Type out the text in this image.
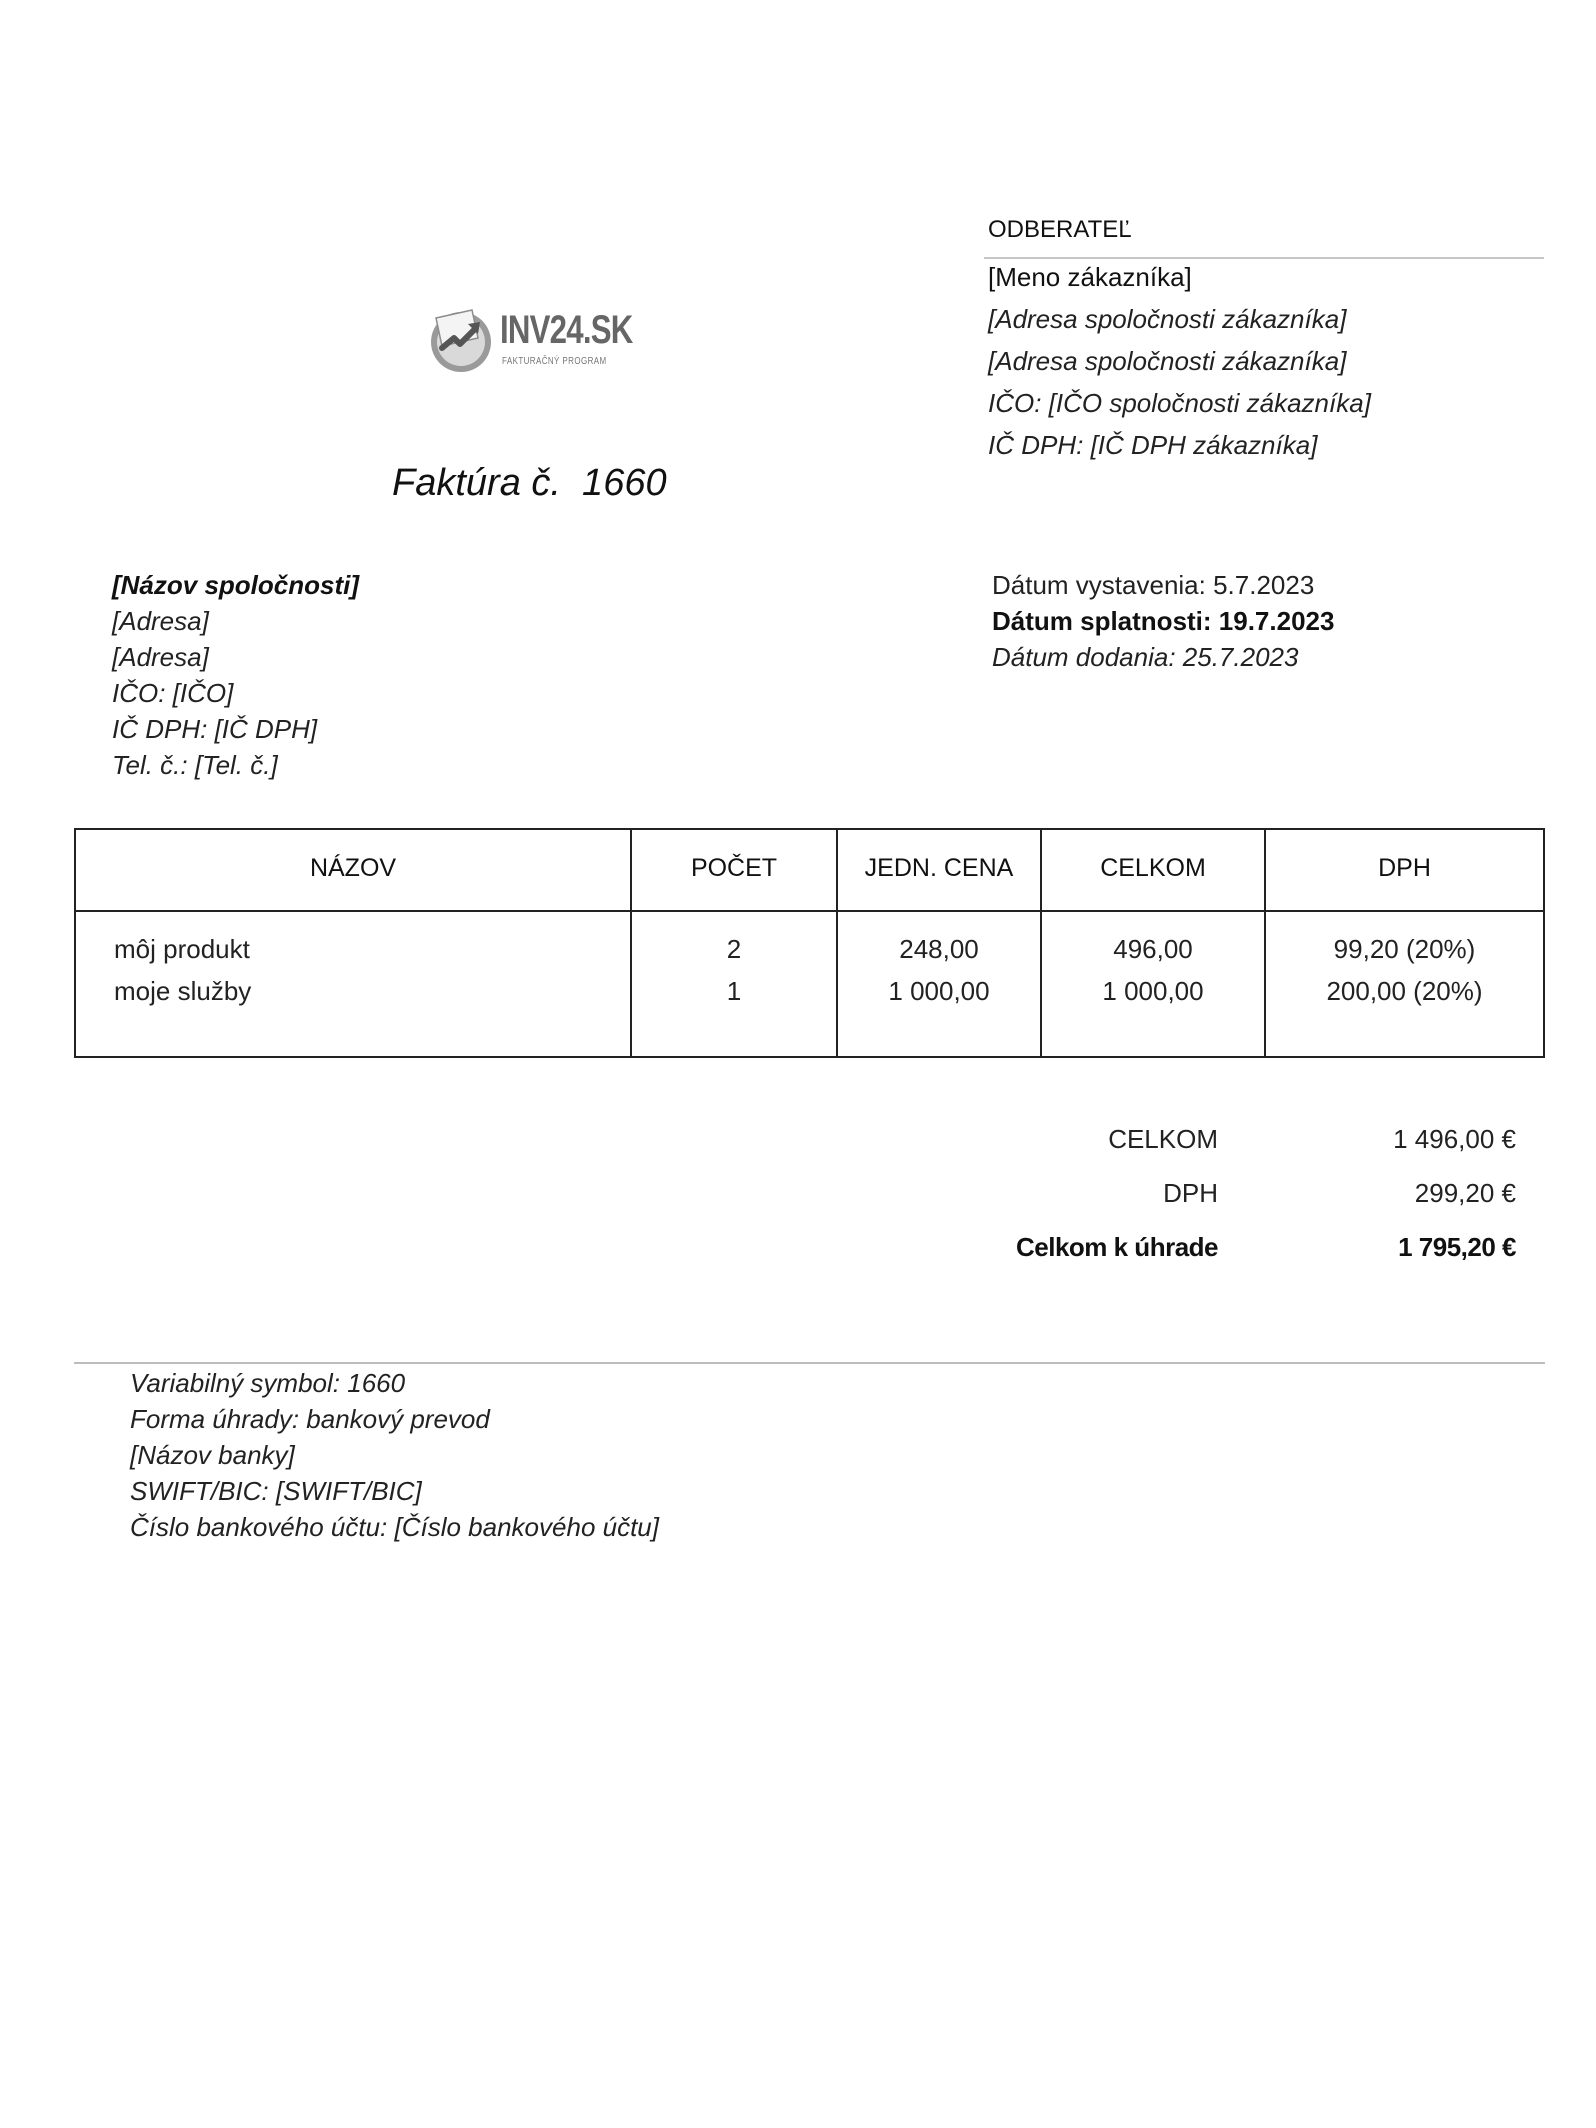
INV24.SK
FAKTURAČNÝ PROGRAM
Faktúra č.  1660
ODBERATEĽ
[Meno zákazníka]
[Adresa spoločnosti zákazníka]
[Adresa spoločnosti zákazníka]
IČO: [IČO spoločnosti zákazníka]
IČ DPH: [IČ DPH zákazníka]
[Názov spoločnosti]
[Adresa]
[Adresa]
IČO: [IČO]
IČ DPH: [IČ DPH]
Tel. č.: [Tel. č.]
Dátum vystavenia: 5.7.2023
Dátum splatnosti: 19.7.2023
Dátum dodania: 25.7.2023
NÁZOV	POČET	JEDN. CENA	CELKOM	DPH
môj produkt	2	248,00	496,00	99,20 (20%)
moje služby	1	1 000,00	1 000,00	200,00 (20%)
CELKOM	1 496,00 €
DPH	299,20 €
Celkom k úhrade	1 795,20 €
Variabilný symbol: 1660
Forma úhrady: bankový prevod
[Názov banky]
SWIFT/BIC: [SWIFT/BIC]
Číslo bankového účtu: [Číslo bankového účtu]
